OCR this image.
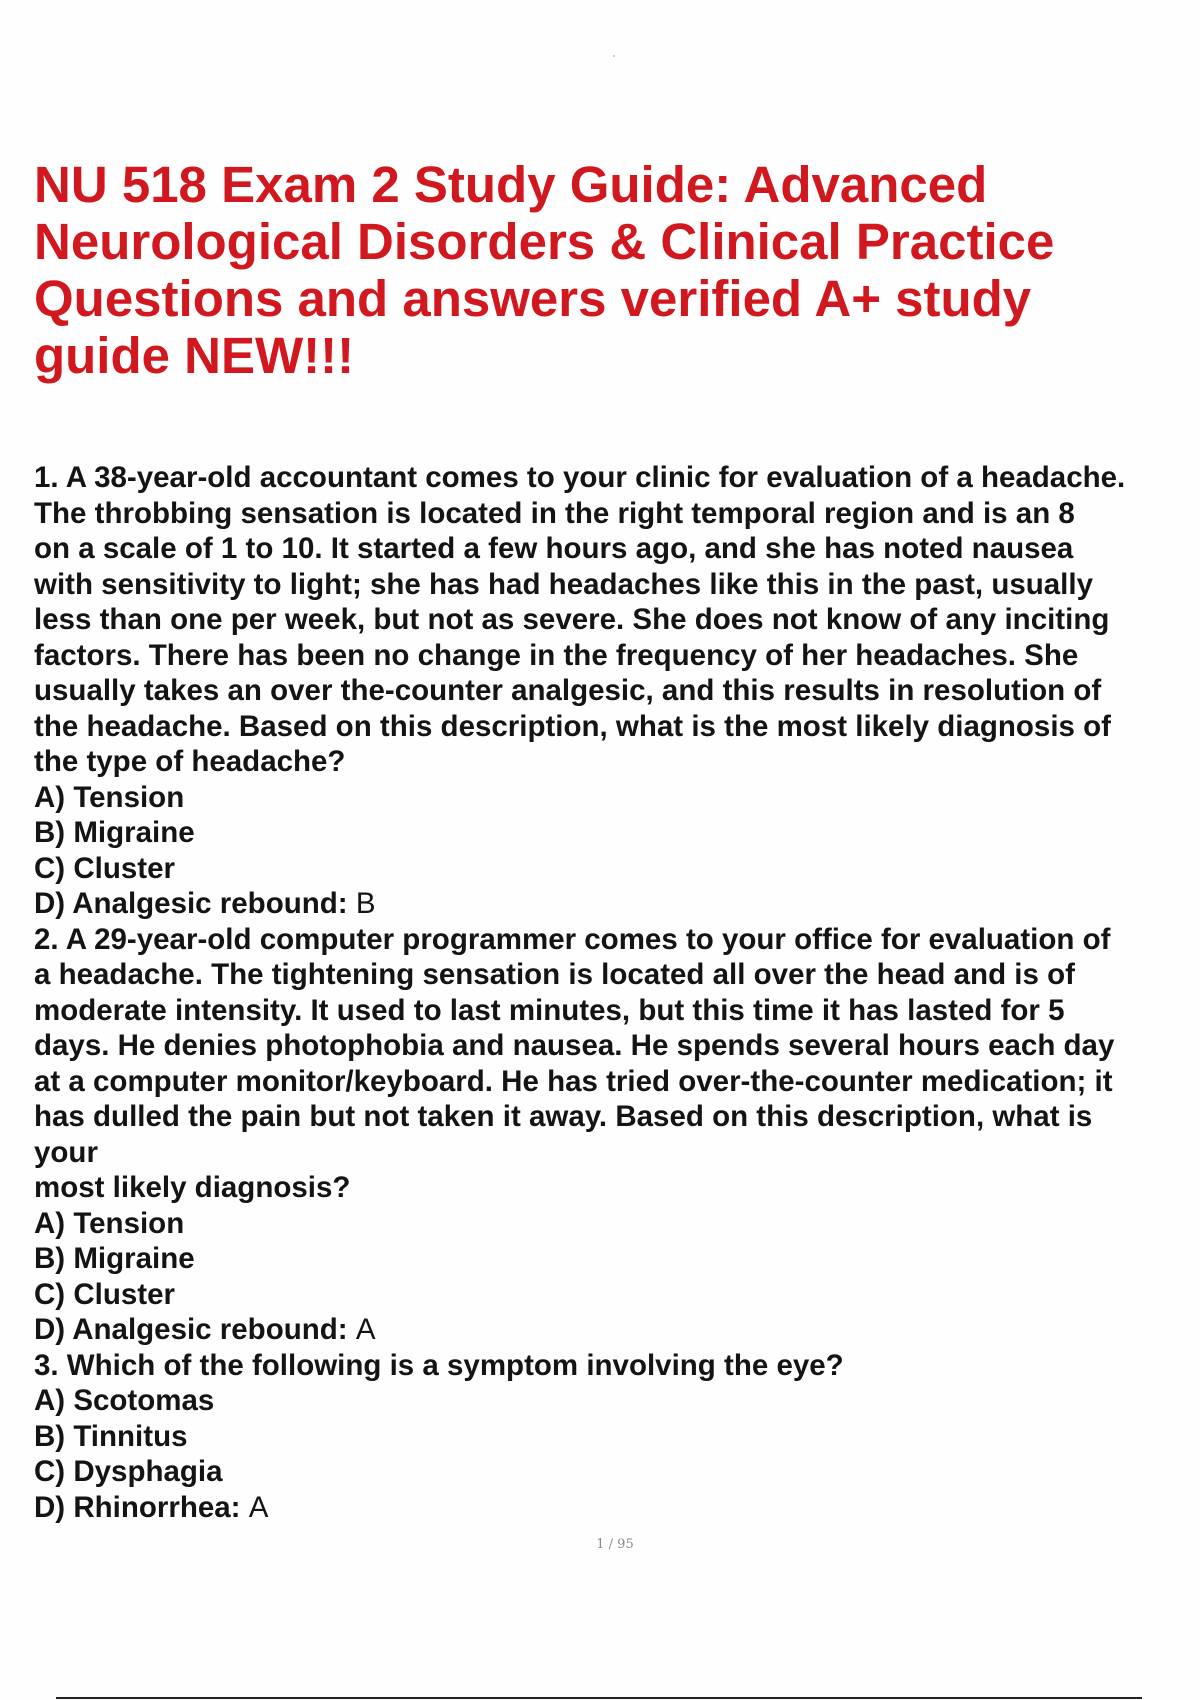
NU 518 Exam 2 Study Guide: Advanced
Neurological Disorders & Clinical Practice
Questions and answers verified A+ study
guide NEW!!!
1. A 38-year-old accountant comes to your clinic for evaluation of a headache.
The throbbing sensation is located in the right temporal region and is an 8
on a scale of 1 to 10. It started a few hours ago, and she has noted nausea
with sensitivity to light; she has had headaches like this in the past, usually
less than one per week, but not as severe. She does not know of any inciting
factors. There has been no change in the frequency of her headaches. She
usually takes an over the-counter analgesic, and this results in resolution of
the headache. Based on this description, what is the most likely diagnosis of
the type of headache?
A) Tension
B) Migraine
C) Cluster
D) Analgesic rebound: B
2. A 29-year-old computer programmer comes to your office for evaluation of
a headache. The tightening sensation is located all over the head and is of
moderate intensity. It used to last minutes, but this time it has lasted for 5
days. He denies photophobia and nausea. He spends several hours each day
at a computer monitor/keyboard. He has tried over-the-counter medication; it
has dulled the pain but not taken it away. Based on this description, what is
your
most likely diagnosis?
A) Tension
B) Migraine
C) Cluster
D) Analgesic rebound: A
3. Which of the following is a symptom involving the eye?
A) Scotomas
B) Tinnitus
C) Dysphagia
D) Rhinorrhea: A
1 / 95
